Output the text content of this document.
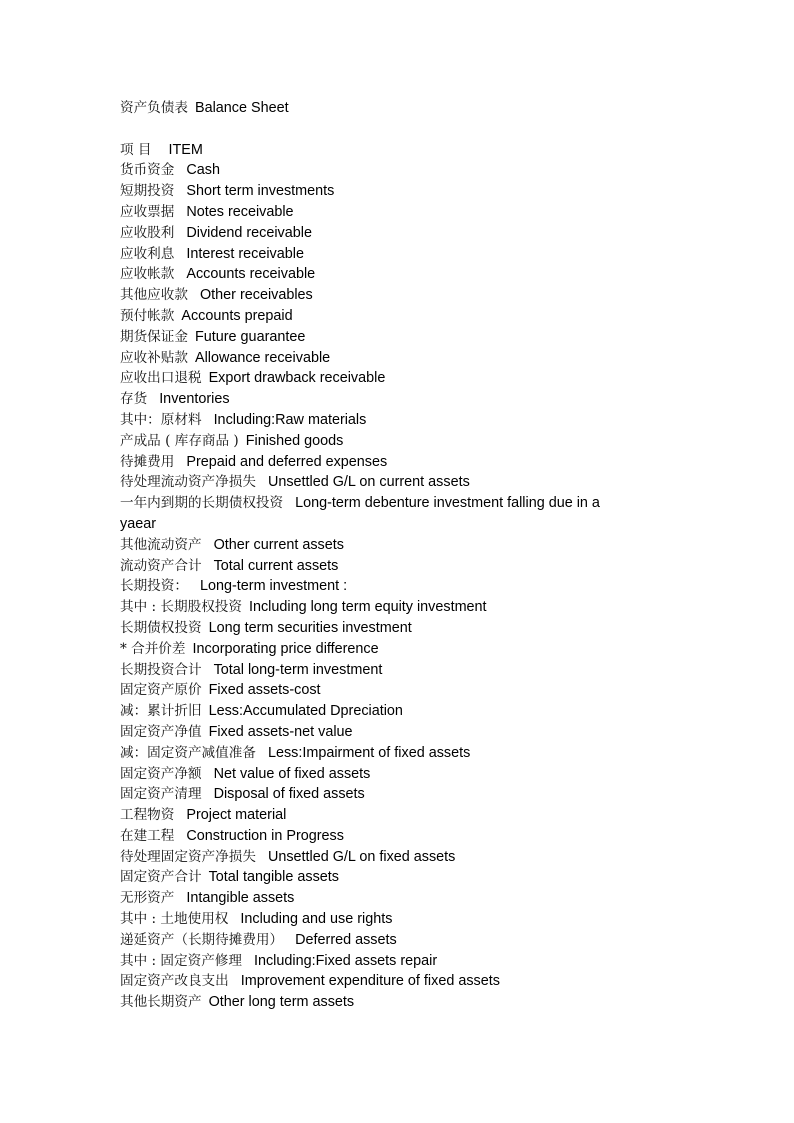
资产负债表 Balance Sheet
项 目 ITEM
货币资金 Cash
短期投资 Short term investments
应收票据 Notes receivable
应收股利 Dividend receivable
应收利息 Interest receivable
应收帐款 Accounts receivable
其他应收款 Other receivables
预付帐款 Accounts prepaid
期货保证金 Future guarantee
应收补贴款 Allowance receivable
应收出口退税 Export drawback receivable
存货 Inventories
其中：原材料 Including:Raw materials
产成品 ( 库存商品 ) Finished goods
待摊费用 Prepaid and deferred expenses
待处理流动资产净损失 Unsettled G/L on current assets
一年内到期的长期债权投资 Long-term debenture investment falling due in a yaear
其他流动资产 Other current assets
流动资产合计 Total current assets
长期投资： Long-term investment :
其中 : 长期股权投资 Including long term equity investment
长期债权投资 Long term securities investment
* 合并价差 Incorporating price difference
长期投资合计 Total long-term investment
固定资产原价 Fixed assets-cost
减：累计折旧 Less:Accumulated Dpreciation
固定资产净值 Fixed assets-net value
减：固定资产减值准备 Less:Impairment of fixed assets
固定资产净额 Net value of fixed assets
固定资产清理 Disposal of fixed assets
工程物资 Project material
在建工程 Construction in Progress
待处理固定资产净损失 Unsettled G/L on fixed assets
固定资产合计 Total tangible assets
无形资产 Intangible assets
其中 : 土地使用权 Including and use rights
递延资产（长期待摊费用） Deferred assets
其中 : 固定资产修理 Including:Fixed assets repair
固定资产改良支出 Improvement expenditure of fixed assets
其他长期资产 Other long term assets
